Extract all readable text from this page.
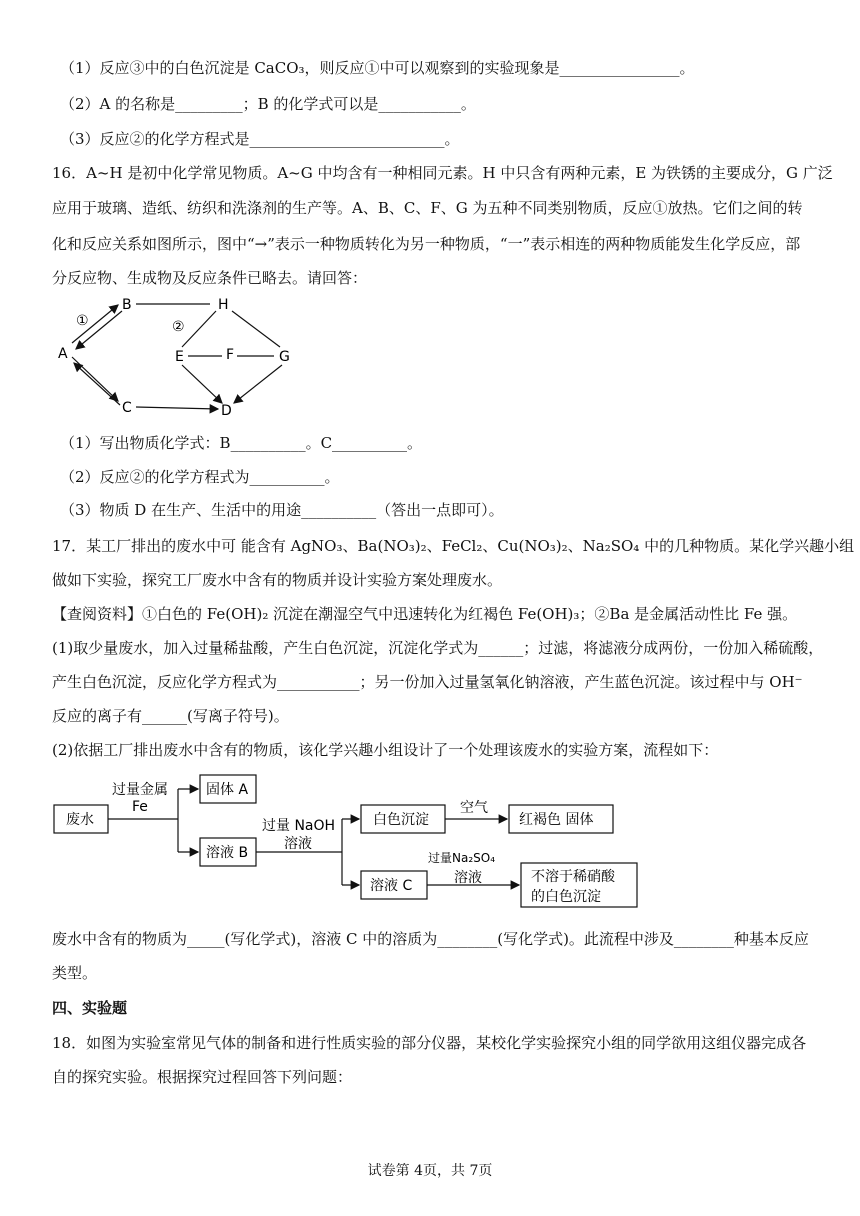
（1）反应③中的白色沉淀是 CaCO₃，则反应①中可以观察到的实验现象是________________。
（2）A 的名称是_________；B 的化学式可以是___________。
（3）反应②的化学方程式是__________________________。
16．A~H 是初中化学常见物质。A~G 中均含有一种相同元素。H 中只含有两种元素，E 为铁锈的主要成分，G 广泛
应用于玻璃、造纸、纺织和洗涤剂的生产等。A、B、C、F、G 为五种不同类别物质，反应①放热。它们之间的转
化和反应关系如图所示，图中“→”表示一种物质转化为另一种物质，“一”表示相连的两种物质能发生化学反应，部
分反应物、生成物及反应条件已略去。请回答：
A
B
C	D
E	F	G
H
①	②
（1）写出物质化学式：B__________。C__________。
（2）反应②的化学方程式为__________。
（3）物质 D 在生产、生活中的用途__________（答出一点即可）。
17．某工厂排出的废水中可 能含有 AgNO₃、Ba(NO₃)₂、FeCl₂、Cu(NO₃)₂、Na₂SO₄ 中的几种物质。某化学兴趣小组
做如下实验，探究工厂废水中含有的物质并设计实验方案处理废水。
【查阅资料】①白色的 Fe(OH)₂ 沉淀在潮湿空气中迅速转化为红褐色 Fe(OH)₃；②Ba 是金属活动性比 Fe 强。
(1)取少量废水，加入过量稀盐酸，产生白色沉淀，沉淀化学式为______；过滤，将滤液分成两份，一份加入稀硫酸，
产生白色沉淀，反应化学方程式为___________；另一份加入过量氢氧化钠溶液，产生蓝色沉淀。该过程中与 OH⁻
反应的离子有______(写离子符号)。
(2)依据工厂排出废水中含有的物质，该化学兴趣小组设计了一个处理该废水的实验方案，流程如下：
废水
固体 A
溶液 B
白色沉淀	红褐色 固体
溶液 C
不溶于稀硝酸
的白色沉淀
过量金属
Fe
过量 NaOH
溶液
空气
过量Na₂SO₄
溶液
废水中含有的物质为_____(写化学式)，溶液 C 中的溶质为________(写化学式)。此流程中涉及________种基本反应
类型。
四、实验题
18．如图为实验室常见气体的制备和进行性质实验的部分仪器，某校化学实验探究小组的同学欲用这组仪器完成各
自的探究实验。根据探究过程回答下列问题：
试卷第 4页，共 7页
